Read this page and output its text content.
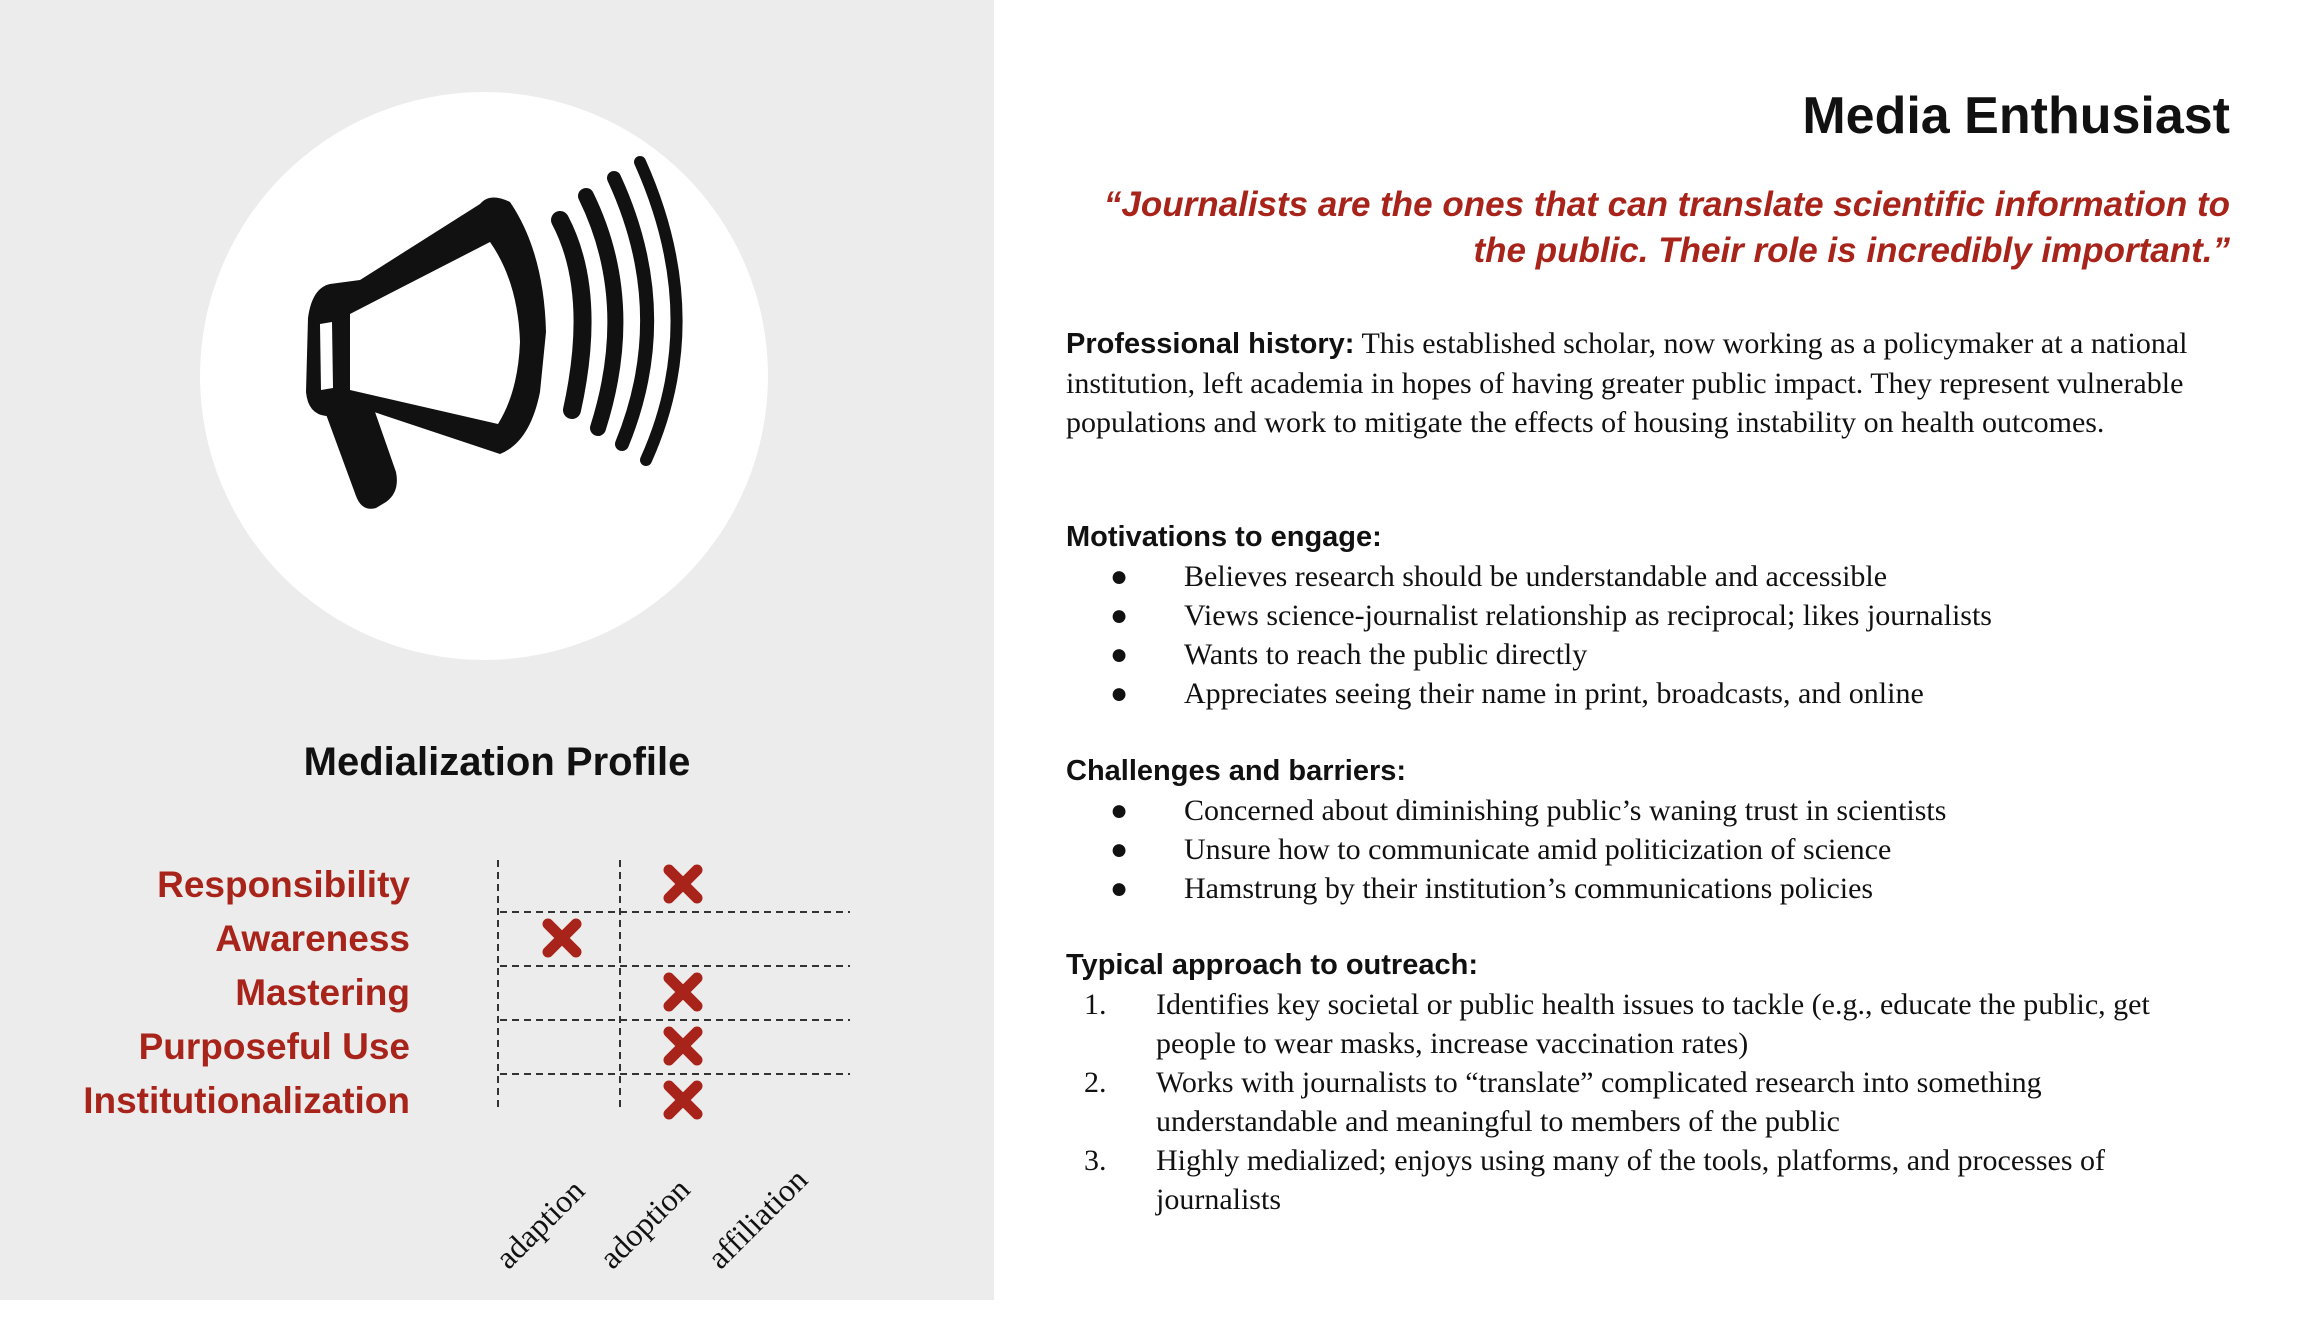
Medialization Profile
Responsibility
Awareness
Mastering
Purposeful Use
Institutionalization
adaption adoption affiliation
Media Enthusiast
“Journalists are the ones that can translate scientific information to the public. Their role is incredibly important.”
Professional history: This established scholar, now working as a policymaker at a national institution, left academia in hopes of having greater public impact. They represent vulnerable populations and work to mitigate the effects of housing instability on health outcomes.
Motivations to engage:
● Believes research should be understandable and accessible
● Views science-journalist relationship as reciprocal; likes journalists
● Wants to reach the public directly
● Appreciates seeing their name in print, broadcasts, and online
Challenges and barriers:
● Concerned about diminishing public’s waning trust in scientists
● Unsure how to communicate amid politicization of science
● Hamstrung by their institution’s communications policies
Typical approach to outreach:
1. Identifies key societal or public health issues to tackle (e.g., educate the public, get people to wear masks, increase vaccination rates)
2. Works with journalists to “translate” complicated research into something understandable and meaningful to members of the public
3. Highly medialized; enjoys using many of the tools, platforms, and processes of journalists
